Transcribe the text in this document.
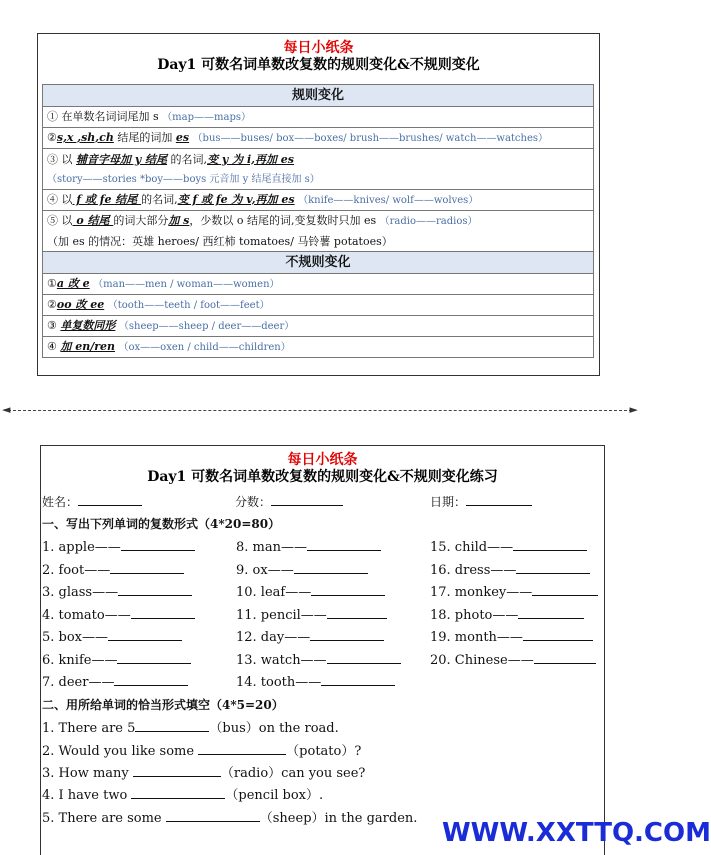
每日小纸条
Day1 可数名词单数改复数的规则变化&不规则变化
规则变化
① 在单数名词词尾加 s （map——maps）
②s,x ,sh,ch 结尾的词加 es （bus——buses/ box——boxes/ brush——brushes/ watch——watches）
③ 以 辅音字母加 y 结尾 的名词,变 y 为 i,再加 es
（story——stories *boy——boys 元音加 y 结尾直接加 s）
④ 以 f 或 fe 结尾 的名词,变 f 或 fe 为 v,再加 es （knife——knives/ wolf——wolves）
⑤ 以 o 结尾 的词大部分加 s，少数以 o 结尾的词,变复数时只加 es （radio——radios）
（加 es 的情况：英雄 heroes/ 西红柿 tomatoes/ 马铃薯 potatoes）
不规则变化
①a 改 e （man——men / woman——women）
②oo 改 ee （tooth——teeth / foot——feet）
③ 单复数同形 （sheep——sheep / deer——deer）
④ 加 en/ren （ox——oxen / child——children）
◄	►
每日小纸条
Day1 可数名词单数改复数的规则变化&不规则变化练习
姓名：	分数：	日期：
一、写出下列单词的复数形式（4*20=80）
1. apple——
2. foot——
3. glass——
4. tomato——
5. box——
6. knife——
7. deer——
8. man——
9. ox——
10. leaf——
11. pencil——
12. day——
13. watch——
14. tooth——
15. child——
16. dress——
17. monkey——
18. photo——
19. month——
20. Chinese——
二、用所给单词的恰当形式填空（4*5=20）
1. There are 5	（bus）on the road.
2. Would you like some	（potato）?
3. How many	（radio）can you see?
4. I have two	（pencil box）.
5. There are some	（sheep）in the garden. WWW.XXTTQ.COM
